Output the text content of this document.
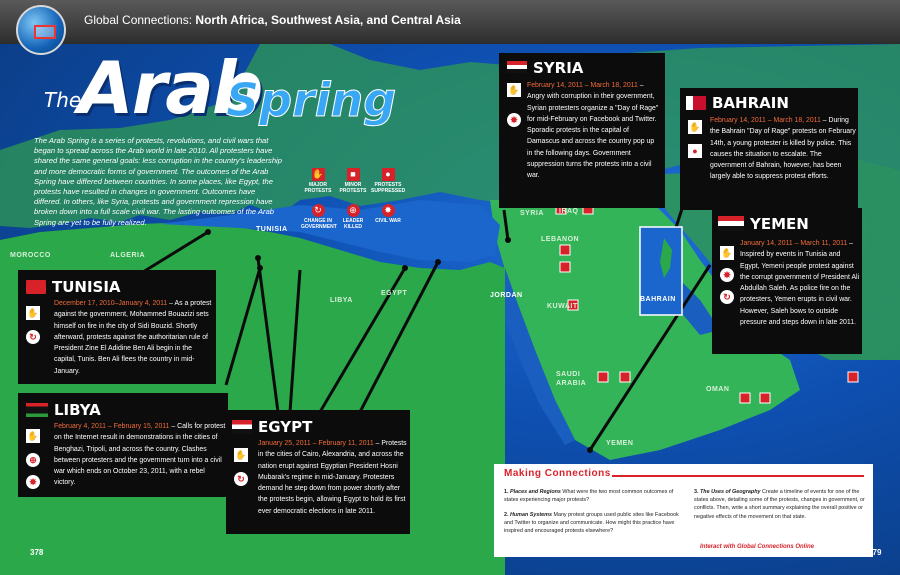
Global Connections: North Africa, Southwest Asia, and Central Asia
The
Arab
Spring
The Arab Spring is a series of protests, revolutions, and civil wars that began to spread across the Arab world in late 2010. All protesters have shared the same general goals: less corruption in the country's leadership and more democratic forms of government. The outcomes of the Arab Spring have differed between countries. In some places, like Egypt, the protests have resulted in changes in government. Outcomes have differed. In others, like Syria, protests and government repression have broken down into a full scale civil war. The lasting outcomes of the Arab Spring are yet to be fully realized.
✋
MAJOR PROTESTS
■
MINOR PROTESTS
●
PROTESTS SUPPRESSED
↻
CHANGE IN GOVERNMENT
⊕
LEADER KILLED
✸
CIVIL WAR
MOROCCO	ALGERIA
TUNISIA
LIBYA
EGYPT
SYRIA IRAQ
LEBANON
JORDAN
KUWAIT
SAUDI ARABIA
OMAN
YEMEN
BAHRAIN
SYRIA
✋
✸
February 14, 2011 – March 18, 2011 – Angry with corruption in their government, Syrian protesters organize a "Day of Rage" for mid-February on Facebook and Twitter. Sporadic protests in the capital of Damascus and across the country pop up in the following days. Government suppression turns the protests into a civil war.
BAHRAIN
✋
●
February 14, 2011 – March 18, 2011 – During the Bahrain "Day of Rage" protests on February 14th, a young protester is killed by police. This causes the situation to escalate. The government of Bahrain, however, has been largely able to suppress protest efforts.
YEMEN
✋
✸
↻
January 14, 2011 – March 11, 2011 – Inspired by events in Tunisia and Egypt, Yemeni people protest against the corrupt government of President Ali Abdullah Saleh. As police fire on the protesters, Yemen erupts in civil war. However, Saleh bows to outside pressure and steps down in late 2011.
TUNISIA
✋
↻
December 17, 2010–January 4, 2011 – As a protest against the government, Mohammed Bouazizi sets himself on fire in the city of Sidi Bouzid. Shortly afterward, protests against the authoritarian rule of President Zine El Adidine Ben Ali begin in the capital, Tunis. Ben Ali flees the country in mid-January.
LIBYA
✋
⊕
✸
February 4, 2011 – February 15, 2011 – Calls for protest on the Internet result in demonstrations in the cities of Benghazi, Tripoli, and across the country. Clashes between protesters and the government turn into a civil war which ends on October 23, 2011, with a rebel victory.
EGYPT
✋
↻
January 25, 2011 – February 11, 2011 – Protests in the cities of Cairo, Alexandria, and across the nation erupt against Egyptian President Hosni Mubarak's regime in mid-January. Protesters demand he step down from power shortly after the protests begin, allowing Egypt to hold its first ever democratic elections in late 2011.
Making Connections
1. Places and Regions What were the two most common outcomes of states experiencing major protests?
2. Human Systems Many protest groups used public sites like Facebook and Twitter to organize and communicate. How might this practice have inspired and encouraged protests elsewhere?
3. The Uses of Geography Create a timeline of events for one of the states above, detailing some of the protests, changes in government, or conflicts. Then, write a short summary explaining the overall positive or negative effects of the movement on that state.
Interact with Global Connections Online
378	Global Connections 379
